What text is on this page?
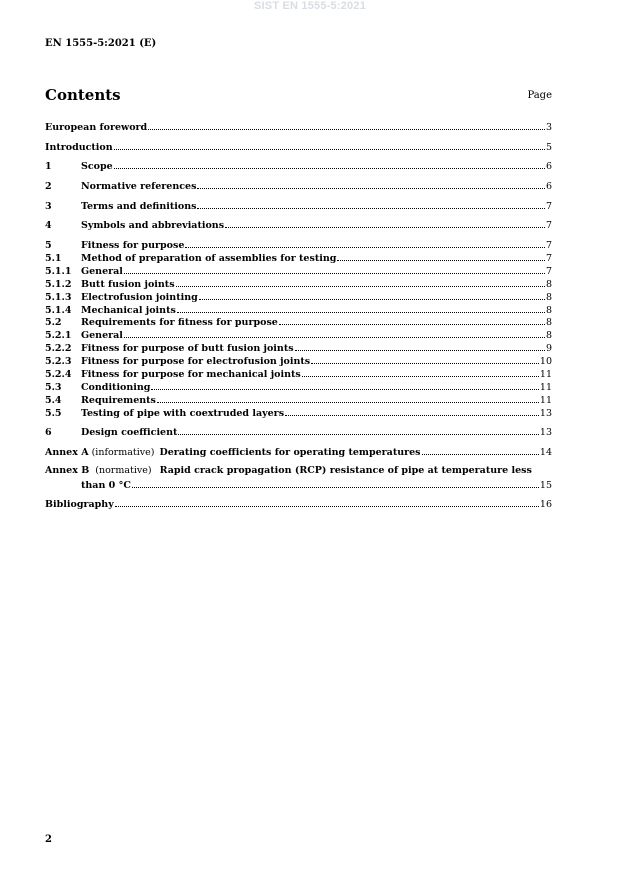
SIST EN 1555-5:2021
EN 1555-5:2021 (E)
Contents	Page
European foreword	3
Introduction	5
1	Scope	6
2	Normative references	6
3	Terms and definitions	7
4	Symbols and abbreviations	7
5	Fitness for purpose	7
5.1	Method of preparation of assemblies for testing	7
5.1.1	General	7
5.1.2	Butt fusion joints	8
5.1.3	Electrofusion jointing	8
5.1.4	Mechanical joints	8
5.2	Requirements for fitness for purpose	8
5.2.1	General	8
5.2.2	Fitness for purpose of butt fusion joints	9
5.2.3	Fitness for purpose for electrofusion joints	10
5.2.4	Fitness for purpose for mechanical joints	11
5.3	Conditioning	11
5.4	Requirements	11
5.5	Testing of pipe with coextruded layers	13
6	Design coefficient	13
Annex A (informative) Derating coefficients for operating temperatures	14
Annex B (normative) Rapid crack propagation (RCP) resistance of pipe at temperature less
than 0 °C	15
Bibliography	16
2
